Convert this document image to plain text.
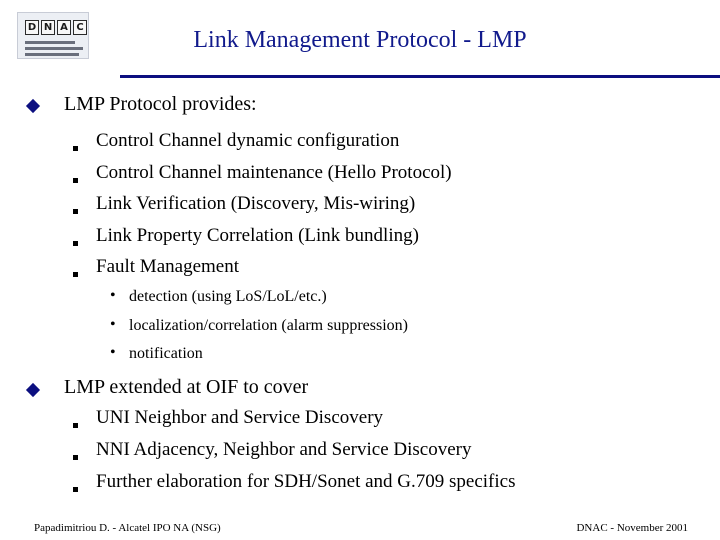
D N A C	Link Management Protocol - LMP
LMP Protocol provides:
Control Channel dynamic configuration
Control Channel maintenance (Hello Protocol)
Link Verification (Discovery, Mis-wiring)
Link Property Correlation (Link bundling)
Fault Management
• detection (using LoS/LoL/etc.)
• localization/correlation (alarm suppression)
• notification
LMP extended at OIF to cover
UNI Neighbor and Service Discovery
NNI Adjacency, Neighbor and Service Discovery
Further elaboration for SDH/Sonet and G.709 specifics
Papadimitriou D. - Alcatel IPO NA (NSG)	DNAC - November 2001
